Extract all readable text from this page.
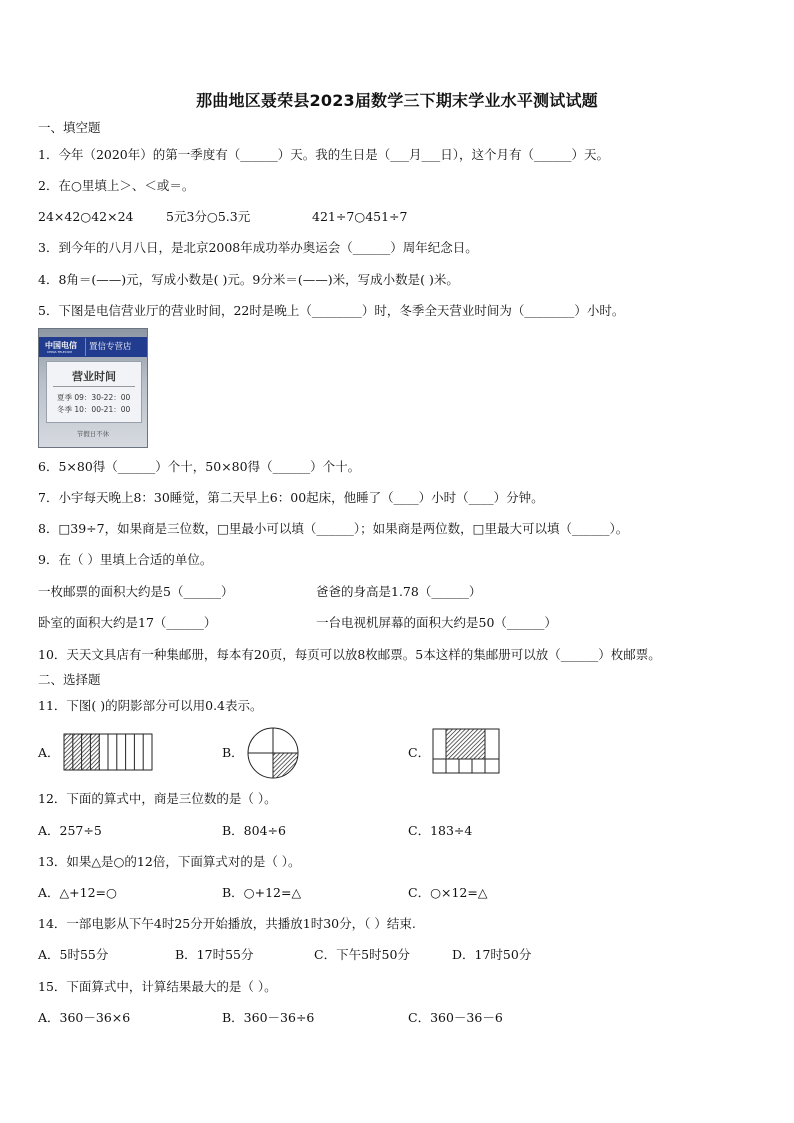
那曲地区聂荣县2023届数学三下期末学业水平测试试题
一、填空题
1．今年（2020年）的第一季度有（______）天。我的生日是（___月___日），这个月有（______）天。
2．在○里填上＞、＜或＝。
24×42○42×24	5元3分○5.3元	421÷7○451÷7
3．到今年的八月八日，是北京2008年成功举办奥运会（______）周年纪念日。
4．8角＝(——)元，写成小数是( )元。9分米＝(——)米，写成小数是( )米。
5．下图是电信营业厅的营业时间，22时是晚上（________）时，冬季全天营业时间为（________）小时。
中国电信
CHINA TELECOM	置信专营店
营业时间
夏季 09：30-22：00
冬季 10：00-21：00
节假日不休
6．5×80得（______）个十，50×80得（______）个十。
7．小宇每天晚上8：30睡觉，第二天早上6：00起床，他睡了（____）小时（____）分钟。
8．□39÷7，如果商是三位数，□里最小可以填（______）；如果商是两位数，□里最大可以填（______）。
9．在（ ）里填上合适的单位。
一枚邮票的面积大约是5（______）	爸爸的身高是1.78（______）
卧室的面积大约是17（______）	一台电视机屏幕的面积大约是50（______）
10．天天文具店有一种集邮册，每本有20页，每页可以放8枚邮票。5本这样的集邮册可以放（______）枚邮票。
二、选择题
11．下图( )的阴影部分可以用0.4表示。
A．	B．	C．
12．下面的算式中，商是三位数的是（ ）。
A．257÷5	B．804÷6	C．183÷4
13．如果△是○的12倍，下面算式对的是（ ）。
A．△+12=○	B．○+12=△	C．○×12=△
14．一部电影从下午4时25分开始播放，共播放1时30分，（ ）结束.
A．5时55分	B．17时55分	C．下午5时50分	D．17时50分
15．下面算式中，计算结果最大的是（ ）。
A．360－36×6	B．360－36÷6	C．360－36－6
